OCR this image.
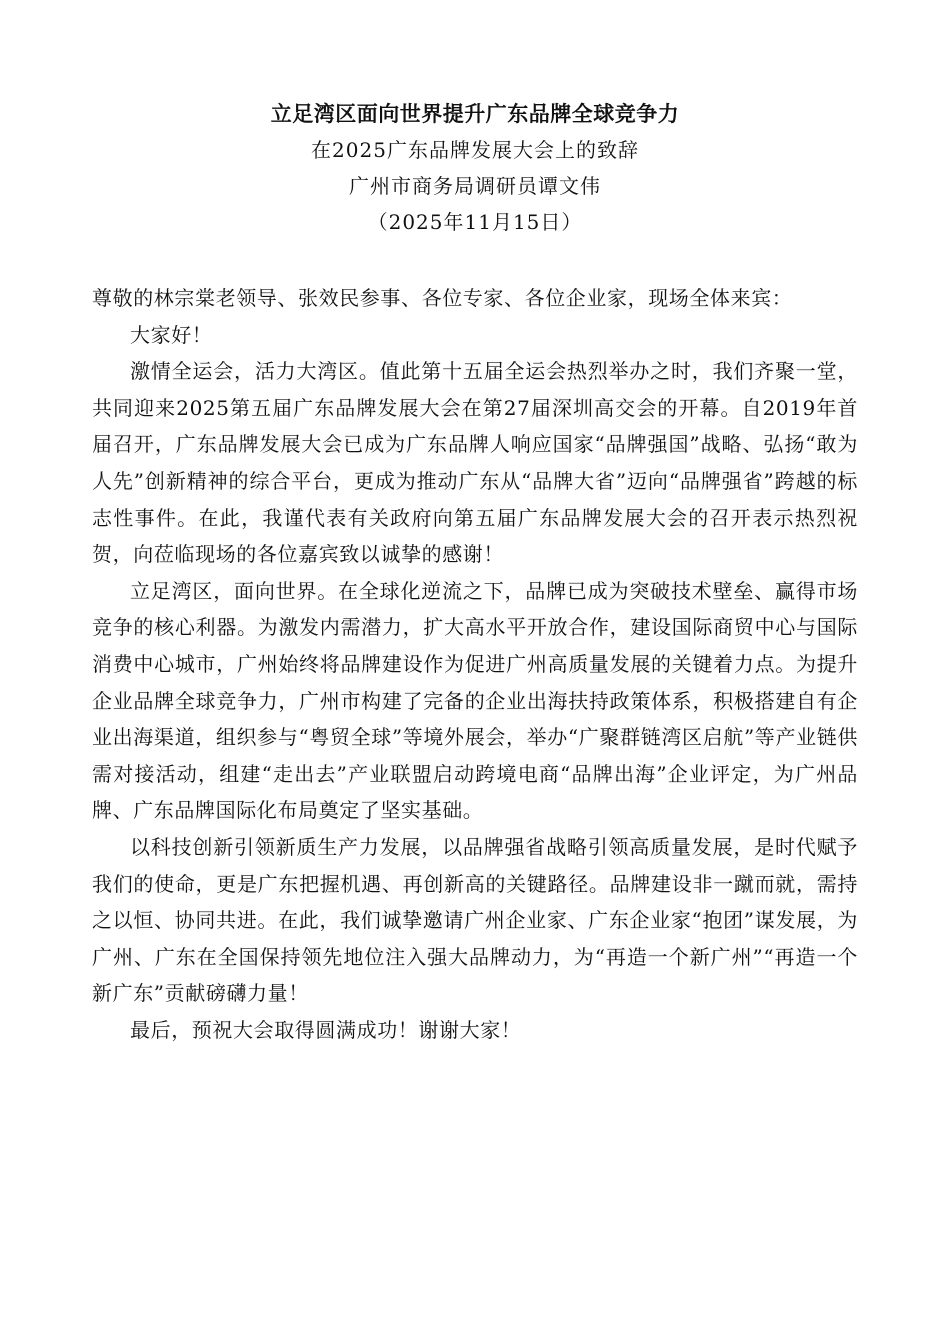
立足湾区面向世界提升广东品牌全球竞争力

在2025广东品牌发展大会上的致辞

广州市商务局调研员谭文伟

（2025年11月15日）

尊敬的林宗棠老领导、张效民参事、各位专家、各位企业家，现场全体来宾：

大家好！

激情全运会，活力大湾区。值此第十五届全运会热烈举办之时，我们齐聚一堂，共同迎来2025第五届广东品牌发展大会在第27届深圳高交会的开幕。自2019年首届召开，广东品牌发展大会已成为广东品牌人响应国家“品牌强国”战略、弘扬“敢为人先”创新精神的综合平台，更成为推动广东从“品牌大省”迈向“品牌强省”跨越的标志性事件。在此，我谨代表有关政府向第五届广东品牌发展大会的召开表示热烈祝贺，向莅临现场的各位嘉宾致以诚挚的感谢！

立足湾区，面向世界。在全球化逆流之下，品牌已成为突破技术壁垒、赢得市场竞争的核心利器。为激发内需潜力，扩大高水平开放合作，建设国际商贸中心与国际消费中心城市，广州始终将品牌建设作为促进广州高质量发展的关键着力点。为提升企业品牌全球竞争力，广州市构建了完备的企业出海扶持政策体系，积极搭建自有企业出海渠道，组织参与“粤贸全球”等境外展会，举办“广聚群链湾区启航”等产业链供需对接活动，组建“走出去”产业联盟启动跨境电商“品牌出海”企业评定，为广州品牌、广东品牌国际化布局奠定了坚实基础。

以科技创新引领新质生产力发展，以品牌强省战略引领高质量发展，是时代赋予我们的使命，更是广东把握机遇、再创新高的关键路径。品牌建设非一蹴而就，需持之以恒、协同共进。在此，我们诚挚邀请广州企业家、广东企业家“抱团”谋发展，为广州、广东在全国保持领先地位注入强大品牌动力，为“再造一个新广州”“再造一个新广东”贡献磅礴力量！

最后，预祝大会取得圆满成功！谢谢大家！
